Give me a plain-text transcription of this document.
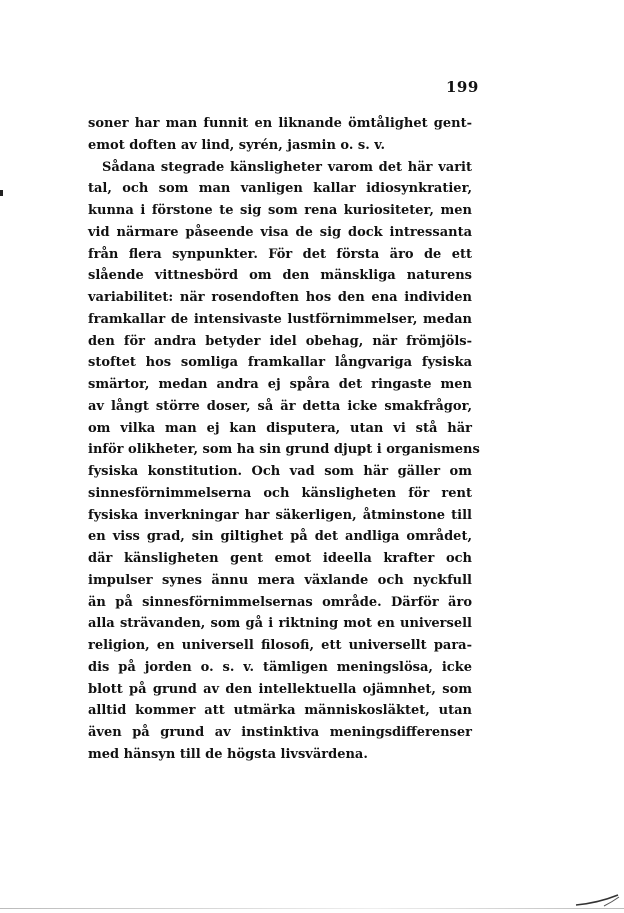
199
soner har man funnit en liknande ömtålighet gent-
emot doften av lind, syrén, jasmin o. s. v.
Sådana stegrade känsligheter varom det här varit
tal, och som man vanligen kallar idiosynkratier,
kunna i förstone te sig som rena kuriositeter, men
vid närmare påseende visa de sig dock intressanta
från flera synpunkter. För det första äro de ett
slående vittnesbörd om den mänskliga naturens
variabilitet: när rosendoften hos den ena individen
framkallar de intensivaste lustförnimmelser, medan
den för andra betyder idel obehag, när frömjöls-
stoftet hos somliga framkallar långvariga fysiska
smärtor, medan andra ej spåra det ringaste men
av långt större doser, så är detta icke smakfrågor,
om vilka man ej kan disputera, utan vi stå här
inför olikheter, som ha sin grund djupt i organismens
fysiska konstitution. Och vad som här gäller om
sinnesförnimmelserna och känsligheten för rent
fysiska inverkningar har säkerligen, åtminstone till
en viss grad, sin giltighet på det andliga området,
där känsligheten gent emot ideella krafter och
impulser synes ännu mera växlande och nyckfull
än på sinnesförnimmelsernas område. Därför äro
alla strävanden, som gå i riktning mot en universell
religion, en universell filosofi, ett universellt para-
dis på jorden o. s. v. tämligen meningslösa, icke
blott på grund av den intellektuella ojämnhet, som
alltid kommer att utmärka människosläktet, utan
även på grund av instinktiva meningsdifferenser
med hänsyn till de högsta livsvärdena.
